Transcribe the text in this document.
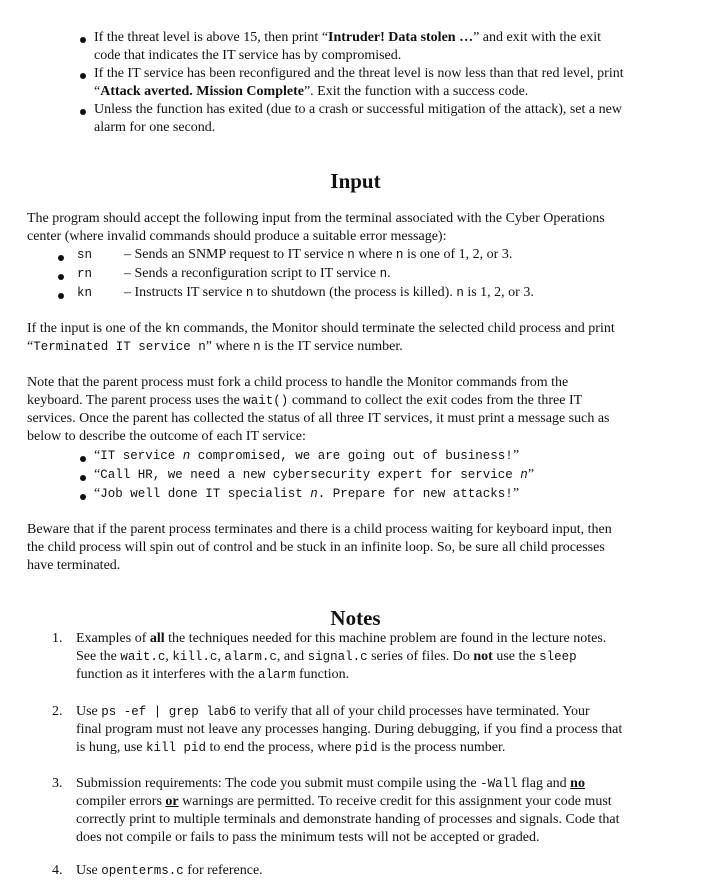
If the threat level is above 15, then print “Intruder! Data stolen …” and exit with the exit
code that indicates the IT service has by compromised.
If the IT service has been reconfigured and the threat level is now less than that red level, print
“Attack averted. Mission Complete”. Exit the function with a success code.
Unless the function has exited (due to a crash or successful mitigation of the attack), set a new
alarm for one second.
Input
The program should accept the following input from the terminal associated with the Cyber Operations
center (where invalid commands should produce a suitable error message):
sn – Sends an SNMP request to IT service n where n is one of 1, 2, or 3.
rn – Sends a reconfiguration script to IT service n.
kn – Instructs IT service n to shutdown (the process is killed). n is 1, 2, or 3.
If the input is one of the kn commands, the Monitor should terminate the selected child process and print
“Terminated IT service n” where n is the IT service number.
Note that the parent process must fork a child process to handle the Monitor commands from the
keyboard. The parent process uses the wait() command to collect the exit codes from the three IT
services. Once the parent has collected the status of all three IT services, it must print a message such as
below to describe the outcome of each IT service:
“IT service n compromised, we are going out of business!”
“Call HR, we need a new cybersecurity expert for service n”
“Job well done IT specialist n. Prepare for new attacks!”
Beware that if the parent process terminates and there is a child process waiting for keyboard input, then
the child process will spin out of control and be stuck in an infinite loop. So, be sure all child processes
have terminated.
Notes
1. Examples of all the techniques needed for this machine problem are found in the lecture notes.
See the wait.c, kill.c, alarm.c, and signal.c series of files. Do not use the sleep
function as it interferes with the alarm function.
2. Use ps -ef | grep lab6 to verify that all of your child processes have terminated. Your
final program must not leave any processes hanging. During debugging, if you find a process that
is hung, use kill pid to end the process, where pid is the process number.
3. Submission requirements: The code you submit must compile using the -Wall flag and no
compiler errors or warnings are permitted. To receive credit for this assignment your code must
correctly print to multiple terminals and demonstrate handing of processes and signals. Code that
does not compile or fails to pass the minimum tests will not be accepted or graded.
4. Use openterms.c for reference.
